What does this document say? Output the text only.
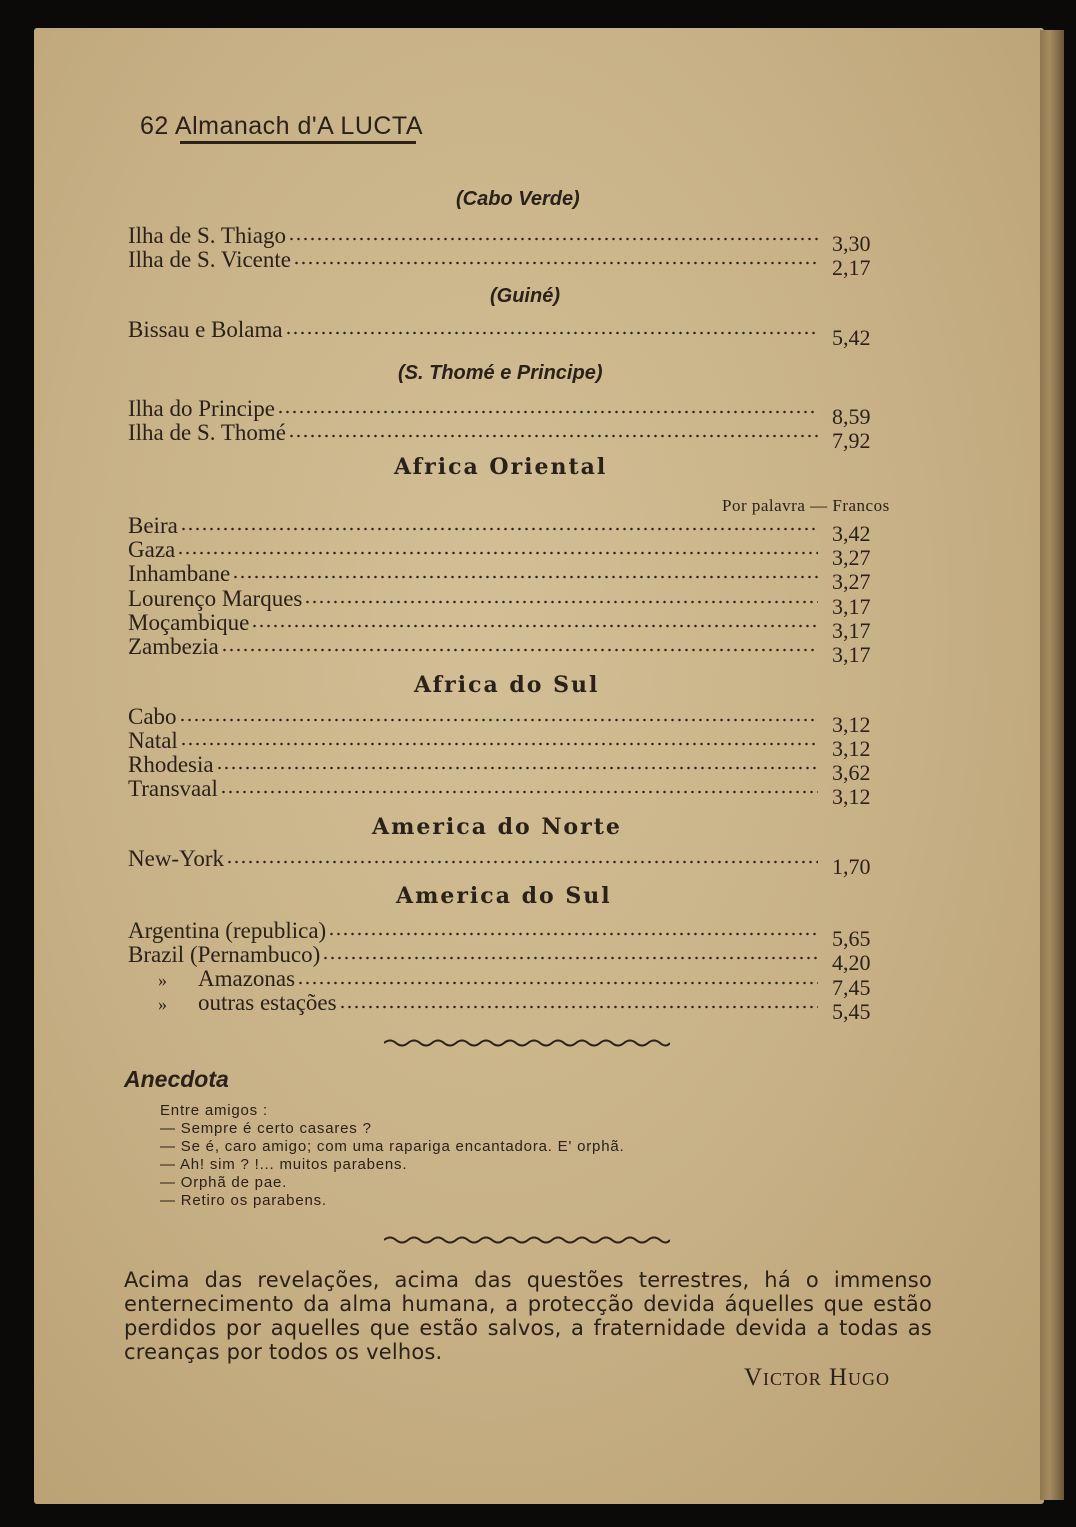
62 Almanach d'A LUCTA
(Cabo Verde)
Ilha de S. Thiago	3,30
Ilha de S. Vicente	2,17
(Guiné)
Bissau e Bolama	5,42
(S. Thomé e Principe)
Ilha do Principe	8,59
Ilha de S. Thomé	7,92
Africa Oriental
Por palavra — Francos
Beira	3,42
Gaza	3,27
Inhambane	3,27
Lourenço Marques	3,17
Moçambique	3,17
Zambezia	3,17
Africa do Sul
Cabo	3,12
Natal	3,12
Rhodesia	3,62
Transvaal	3,12
America do Norte
New-York	1,70
America do Sul
Argentina (republica)	5,65
Brazil (Pernambuco)	4,20
» Amazonas	7,45
» outras estações	5,45
Anecdota
Entre amigos :
— Sempre é certo casares ?
— Se é, caro amigo; com uma rapariga encantadora. E' orphã.
— Ah! sim ? !... muitos parabens.
— Orphã de pae.
— Retiro os parabens.
Acima das revelações, acima das questões terrestres, há o immenso enternecimento da alma humana, a protecção devida áquelles que estão perdidos por aquelles que estão salvos, a fraternidade devida a todas as creanças por todos os velhos.
Victor Hugo
